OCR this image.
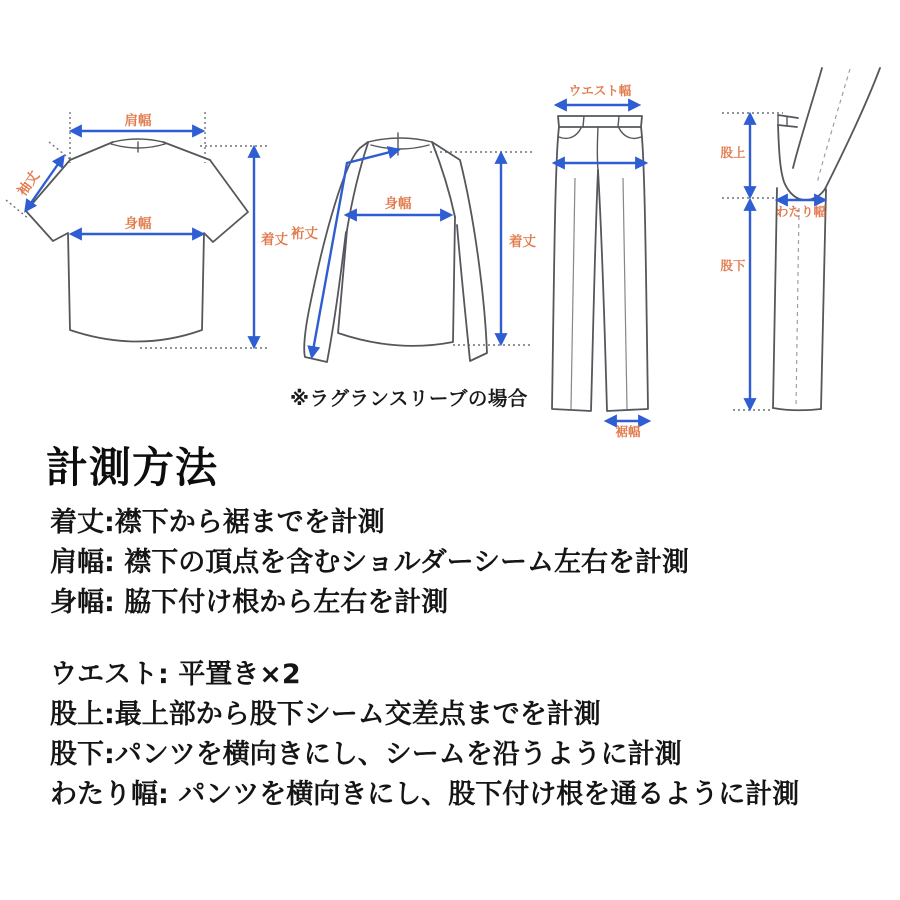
肩幅
袖丈
身幅
着丈 裄丈
身幅
着丈
※ラグランスリーブの場合
ウエスト幅
裾幅
股上
わたり幅
股下
計測方法
着丈:襟下から裾までを計測
肩幅: 襟下の頂点を含むショルダーシーム左右を計測
身幅: 脇下付け根から左右を計測
ウエスト: 平置き×2
股上:最上部から股下シーム交差点までを計測
股下:パンツを横向きにし、シームを沿うように計測
わたり幅: パンツを横向きにし、股下付け根を通るように計測
